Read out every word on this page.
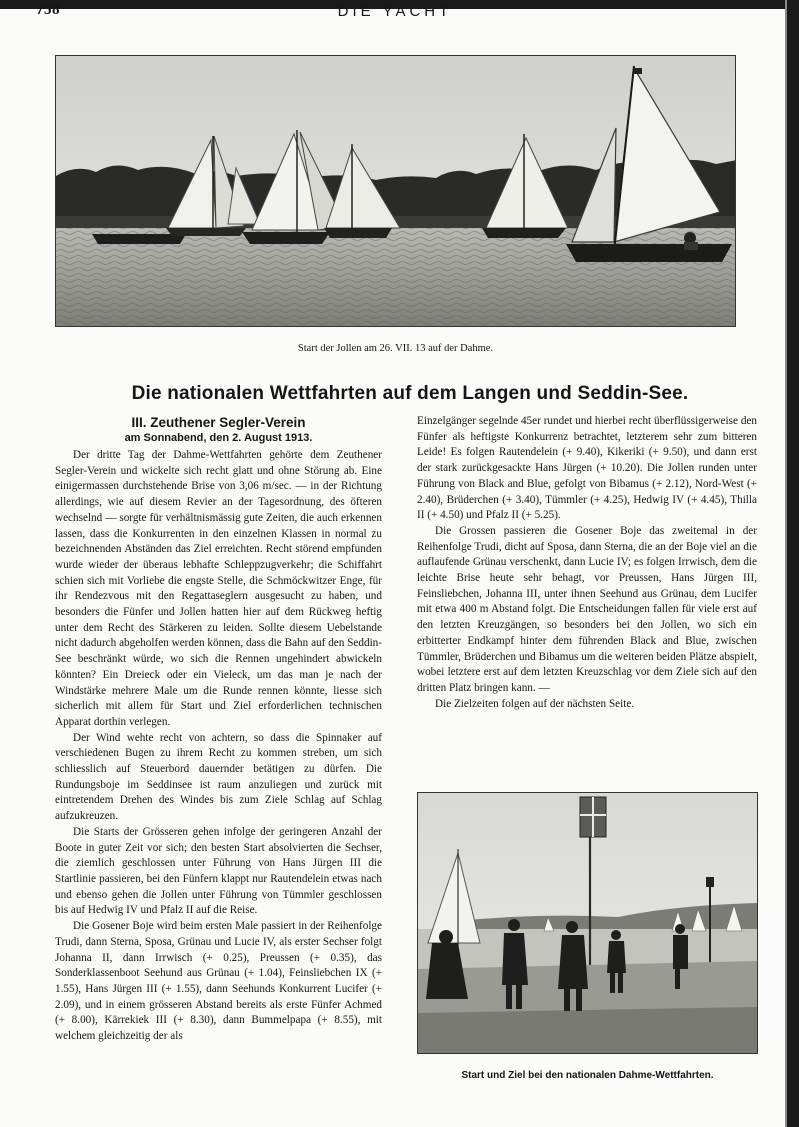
758	DIE YACHT
Start der Jollen am 26. VII. 13 auf der Dahme.
Die nationalen Wettfahrten auf dem Langen und Seddin-See.
III. Zeuthener Segler-Verein
am Sonnabend, den 2. August 1913.

Der dritte Tag der Dahme-Wettfahrten gehörte dem Zeuthener Segler-Verein und wickelte sich recht glatt und ohne Störung ab. Eine einigermassen durchstehende Brise von 3,06 m/sec. — in der Richtung allerdings, wie auf diesem Revier an der Tagesordnung, des öfteren wechselnd — sorgte für verhältnismässig gute Zeiten, die auch erkennen lassen, dass die Konkurrenten in den einzelnen Klassen in normal zu bezeichnenden Abständen das Ziel erreichten. Recht störend empfunden wurde wieder der überaus lebhafte Schleppzugverkehr; die Schiffahrt schien sich mit Vorliebe die engste Stelle, die Schmöckwitzer Enge, für ihr Rendezvous mit den Regattaseglern ausgesucht zu haben, und besonders die Fünfer und Jollen hatten hier auf dem Rückweg heftig unter dem Recht des Stärkeren zu leiden. Sollte diesem Uebelstande nicht dadurch abgeholfen werden können, dass die Bahn auf den Seddin-See beschränkt würde, wo sich die Rennen ungehindert abwickeln könnten? Ein Dreieck oder ein Vieleck, um das man je nach der Windstärke mehrere Male um die Runde rennen könnte, liesse sich sicherlich mit allem für Start und Ziel erforderlichen technischen Apparat dorthin verlegen.

Der Wind wehte recht von achtern, so dass die Spinnaker auf verschiedenen Bugen zu ihrem Recht zu kommen streben, um sich schliesslich auf Steuerbord dauernder betätigen zu dürfen. Die Rundungsboje im Seddinsee ist raum anzuliegen und zurück mit eintretendem Drehen des Windes bis zum Ziele Schlag auf Schlag aufzukreuzen.

Die Starts der Grösseren gehen infolge der geringeren Anzahl der Boote in guter Zeit vor sich; den besten Start absolvierten die Sechser, die ziemlich geschlossen unter Führung von Hans Jürgen III die Startlinie passieren, bei den Fünfern klappt nur Rautendelein etwas nach und ebenso gehen die Jollen unter Führung von Tümmler geschlossen bis auf Hedwig IV und Pfalz II auf die Reise.

Die Gosener Boje wird beim ersten Male passiert in der Reihenfolge Trudi, dann Sterna, Sposa, Grünau und Lucie IV, als erster Sechser folgt Johanna II, dann Irrwisch (+ 0.25), Preussen (+ 0.35), das Sonderklassenboot Seehund aus Grünau (+ 1.04), Feinsliebchen IX (+ 1.55), Hans Jürgen III (+ 1.55), dann Seehunds Konkurrent Lucifer (+ 2.09), und in einem grösseren Abstand bereits als erste Fünfer Achmed (+ 8.00), Kärrekiek III (+ 8.30), dann Bummelpapa (+ 8.55), mit welchem gleichzeitig der als

Einzelgänger segelnde 45er rundet und hierbei recht überflüssigerweise den Fünfer als heftigste Konkurrenz betrachtet, letzterem sehr zum bitteren Leide! Es folgen Rautendelein (+ 9.40), Kikeriki (+ 9.50), und dann erst der stark zurückgesackte Hans Jürgen (+ 10.20). Die Jollen runden unter Führung von Black and Blue, gefolgt von Bibamus (+ 2.12), Nord-West (+ 2.40), Brüderchen (+ 3.40), Tümmler (+ 4.25), Hedwig IV (+ 4.45), Thilla II (+ 4.50) und Pfalz II (+ 5.25).

Die Grossen passieren die Gosener Boje das zweitemal in der Reihenfolge Trudi, dicht auf Sposa, dann Sterna, die an der Boje viel an die auflaufende Grünau verschenkt, dann Lucie IV; es folgen Irrwisch, dem die leichte Brise heute sehr behagt, vor Preussen, Hans Jürgen III, Feinsliebchen, Johanna III, unter ihnen Seehund aus Grünau, dem Lucifer mit etwa 400 m Abstand folgt. Die Entscheidungen fallen für viele erst auf den letzten Kreuzgängen, so besonders bei den Jollen, wo sich ein erbitterter Endkampf hinter dem führenden Black and Blue, zwischen Tümmler, Brüderchen und Bibamus um die weiteren beiden Plätze abspielt, wobei letztere erst auf dem letzten Kreuzschlag vor dem Ziele sich auf den dritten Platz bringen kann. —

Die Zielzeiten folgen auf der nächsten Seite.

Start und Ziel bei den nationalen Dahme-Wettfahrten.
